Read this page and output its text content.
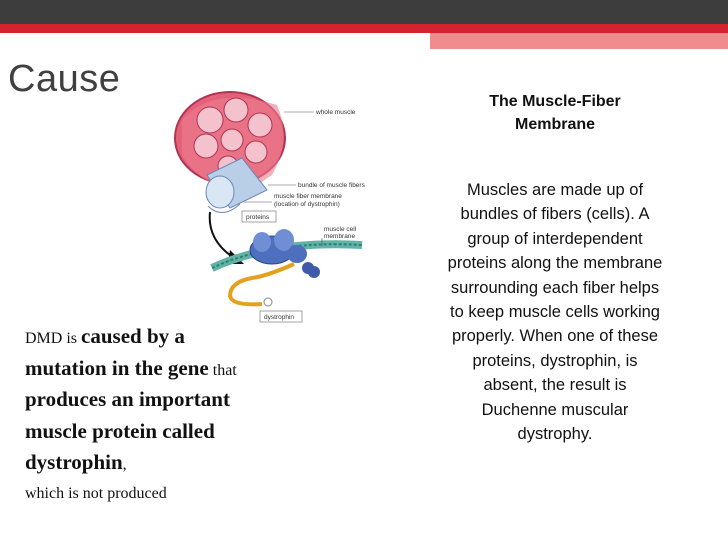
Cause
whole muscle
bundle of muscle fibers
muscle fiber membrane
(location of dystrophin)
proteins
muscle cell
membrane
dystrophin
The Muscle-Fiber
Membrane
Muscles are made up of
bundles of fibers (cells). A
group of interdependent
proteins along the membrane
surrounding each fiber helps
to keep muscle cells working
properly. When one of these
proteins, dystrophin, is
absent, the result is
Duchenne muscular
dystrophy.
DMD is caused by a mutation in the gene that produces an important muscle protein called dystrophin,
which is not produced
